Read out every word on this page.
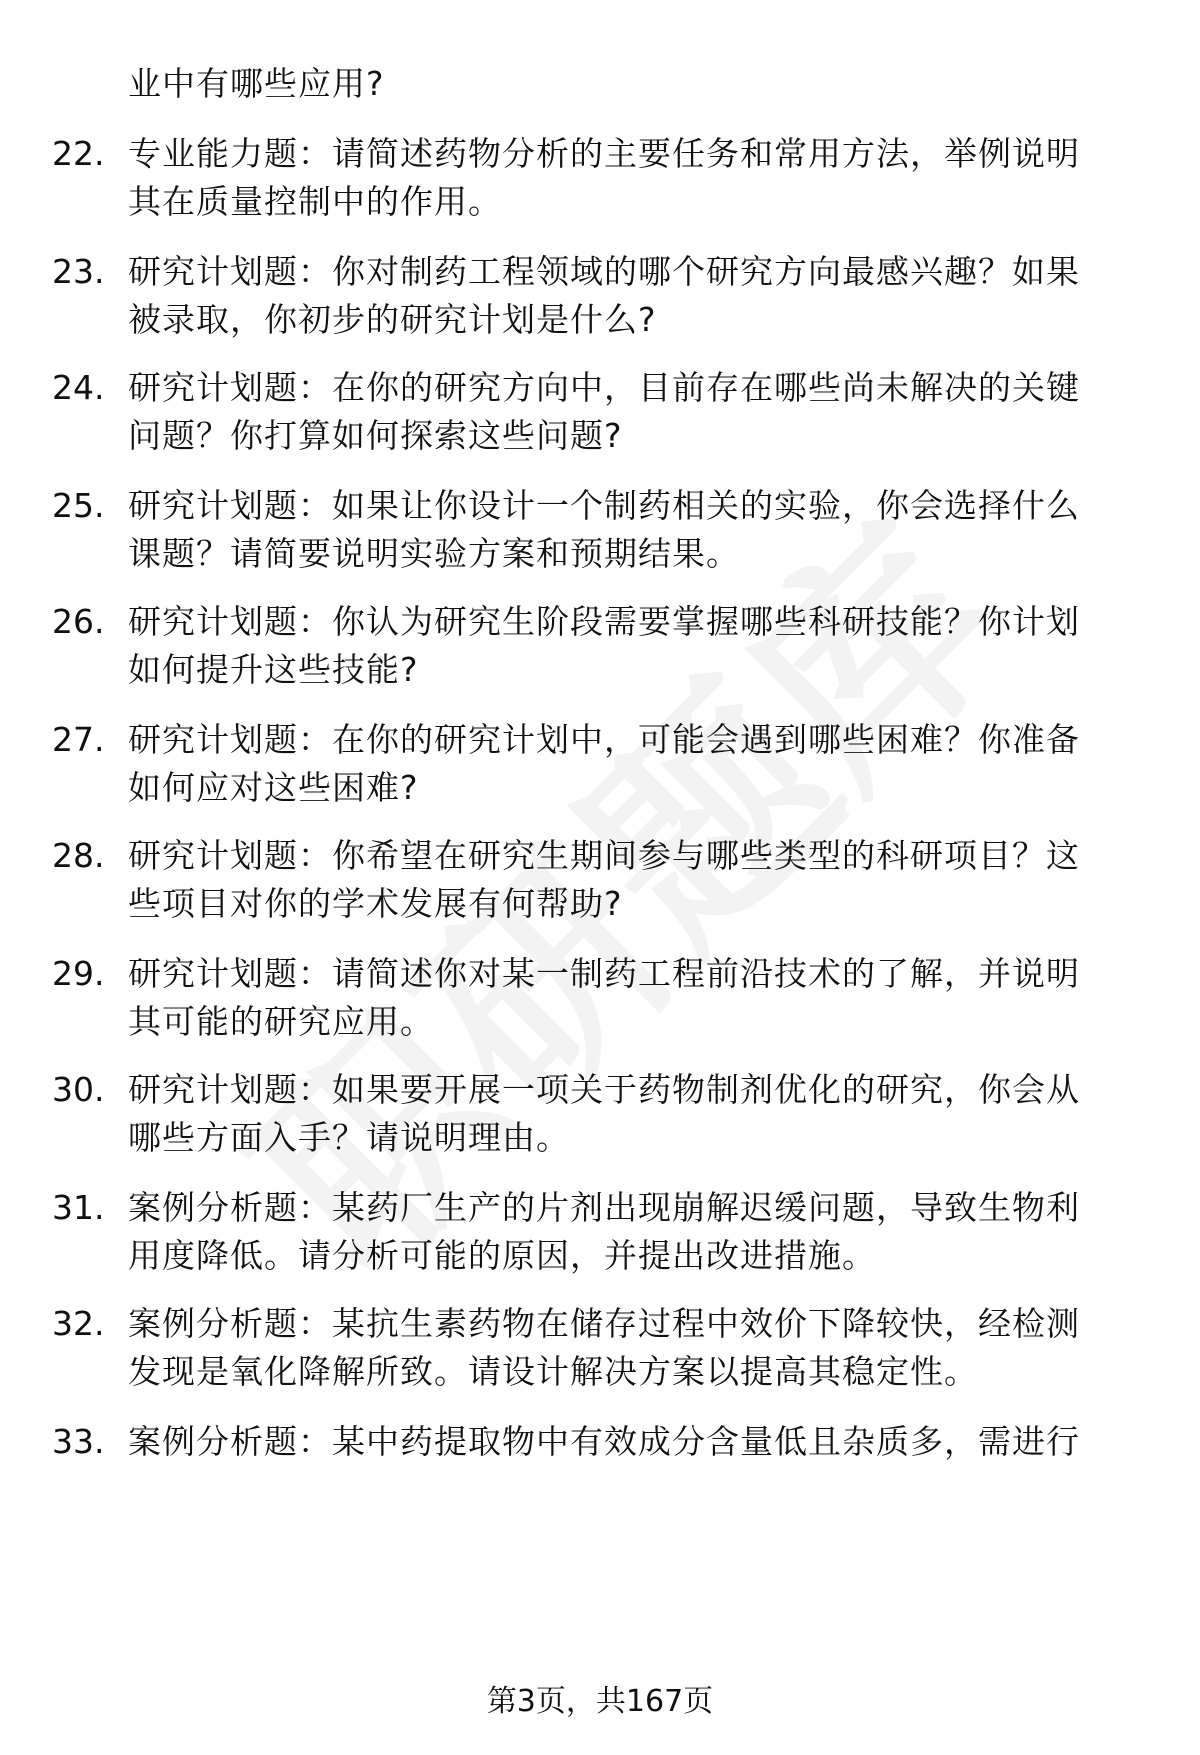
业中有哪些应用?
22. 专业能力题：请简述药物分析的主要任务和常用方法，举例说明
其在质量控制中的作用。
23. 研究计划题：你对制药工程领域的哪个研究方向最感兴趣？如果
被录取，你初步的研究计划是什么?
24. 研究计划题：在你的研究方向中，目前存在哪些尚未解决的关键
问题？你打算如何探索这些问题?
25. 研究计划题：如果让你设计一个制药相关的实验，你会选择什么
课题？请简要说明实验方案和预期结果。
26. 研究计划题：你认为研究生阶段需要掌握哪些科研技能？你计划
如何提升这些技能?
27. 研究计划题：在你的研究计划中，可能会遇到哪些困难？你准备
如何应对这些困难?
28. 研究计划题：你希望在研究生期间参与哪些类型的科研项目？这
些项目对你的学术发展有何帮助?
29. 研究计划题：请简述你对某一制药工程前沿技术的了解，并说明
其可能的研究应用。
30. 研究计划题：如果要开展一项关于药物制剂优化的研究，你会从
哪些方面入手？请说明理由。
31. 案例分析题：某药厂生产的片剂出现崩解迟缓问题，导致生物利
用度降低。请分析可能的原因，并提出改进措施。
32. 案例分析题：某抗生素药物在储存过程中效价下降较快，经检测
发现是氧化降解所致。请设计解决方案以提高其稳定性。
33. 案例分析题：某中药提取物中有效成分含量低且杂质多，需进行
第3页，共167页
